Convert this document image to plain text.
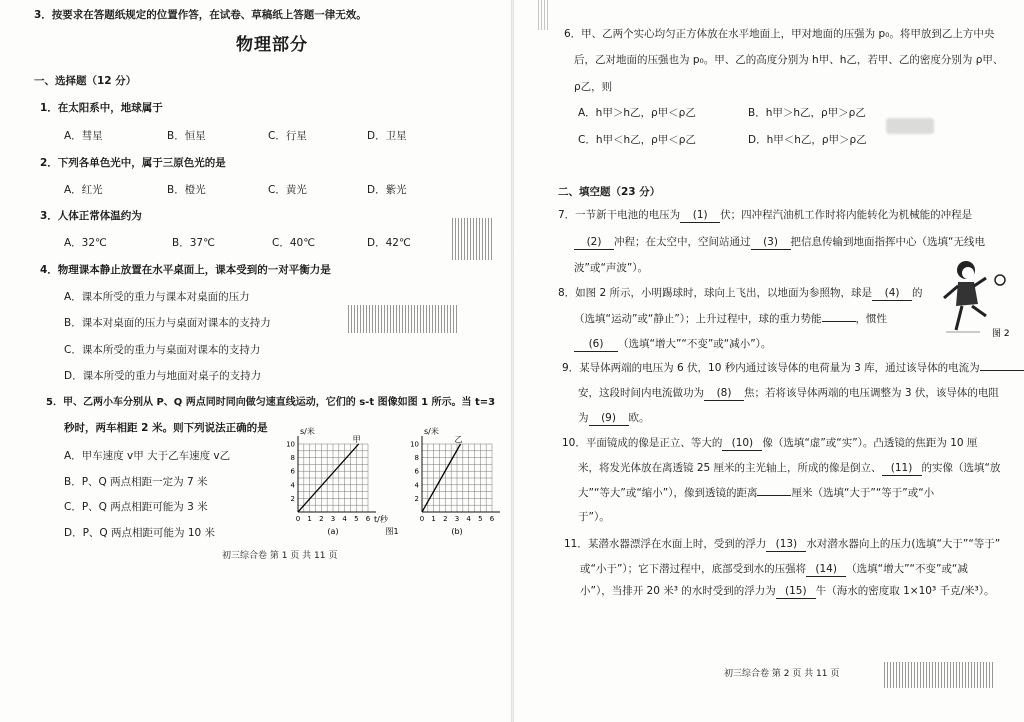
3．按要求在答题纸规定的位置作答，在试卷、草稿纸上答题一律无效。
物理部分
一、选择题（12 分）
1．在太阳系中，地球属于
A．彗星	B．恒星	C．行星	D．卫星
2．下列各单色光中，属于三原色光的是
A．红光	B．橙光	C．黄光	D．紫光
3．人体正常体温约为
A．32℃	B．37℃	C．40℃	D．42℃
4．物理课本静止放置在水平桌面上，课本受到的一对平衡力是
A．课本所受的重力与课本对桌面的压力
B．课本对桌面的压力与桌面对课本的支持力
C．课本所受的重力与桌面对课本的支持力
D．课本所受的重力与地面对桌子的支持力
5．甲、乙两小车分别从 P、Q 两点同时同向做匀速直线运动，它们的 s-t 图像如图 1 所示。当 t=3
秒时，两车相距 2 米。则下列说法正确的是
A．甲车速度 v甲 大于乙车速度 v乙
B．P、Q 两点相距一定为 7 米
C．P、Q 两点相距可能为 3 米
D．P、Q 两点相距可能为 10 米
0 1 2 3 4 5 6
2
4
6
8
10
s/米
t/秒
甲
(a)
0 1 2 3 4 5 6
2
4
6
8
10
s/米
乙
(b)
图1
初三综合卷 第 1 页 共 11 页
6．甲、乙两个实心均匀正方体放在水平地面上，甲对地面的压强为 p₀。将甲放到乙上方中央
后，乙对地面的压强也为 p₀。甲、乙的高度分别为 h甲、h乙，若甲、乙的密度分别为 ρ甲、
ρ乙，则
A．h甲＞h乙，ρ甲＜ρ乙	B．h甲＞h乙，ρ甲＞ρ乙
C．h甲＜h乙，ρ甲＜ρ乙	D．h甲＜h乙，ρ甲＞ρ乙
二、填空题（23 分）
7．一节新干电池的电压为 (1) 伏；四冲程汽油机工作时将内能转化为机械能的冲程是
(2) 冲程；在太空中，空间站通过 (3) 把信息传输到地面指挥中心（选填“无线电
波”或“声波”）。
8．如图 2 所示，小明踢球时，球向上飞出，以地面为参照物，球是 (4) 的
（选填“运动”或“静止”）；上升过程中，球的重力势能	，惯性
(6) （选填“增大”“不变”或“减小”）。
图 2
9．某导体两端的电压为 6 伏，10 秒内通过该导体的电荷量为 3 库，通过该导体的电流为
安，这段时间内电流做功为 (8) 焦；若将该导体两端的电压调整为 3 伏，该导体的电阻
为 (9) 欧。
10．平面镜成的像是正立、等大的 (10) 像（选填“虚”或“实”）。凸透镜的焦距为 10 厘
米，将发光体放在离透镜 25 厘米的主光轴上，所成的像是倒立、 (11) 的实像（选填“放
大”“等大”或“缩小”），像到透镜的距离	厘米（选填“大于”“等于”或“小
于”）。
11．某潜水器漂浮在水面上时，受到的浮力 (13) 水对潜水器向上的压力(选填“大于”“等于”
或“小于”）；它下潜过程中，底部受到水的压强将 (14) （选填“增大”“不变”或“减
小”），当排开 20 米³ 的水时受到的浮力为 (15) 牛（海水的密度取 1×10³ 千克/米³）。
初三综合卷 第 2 页 共 11 页
